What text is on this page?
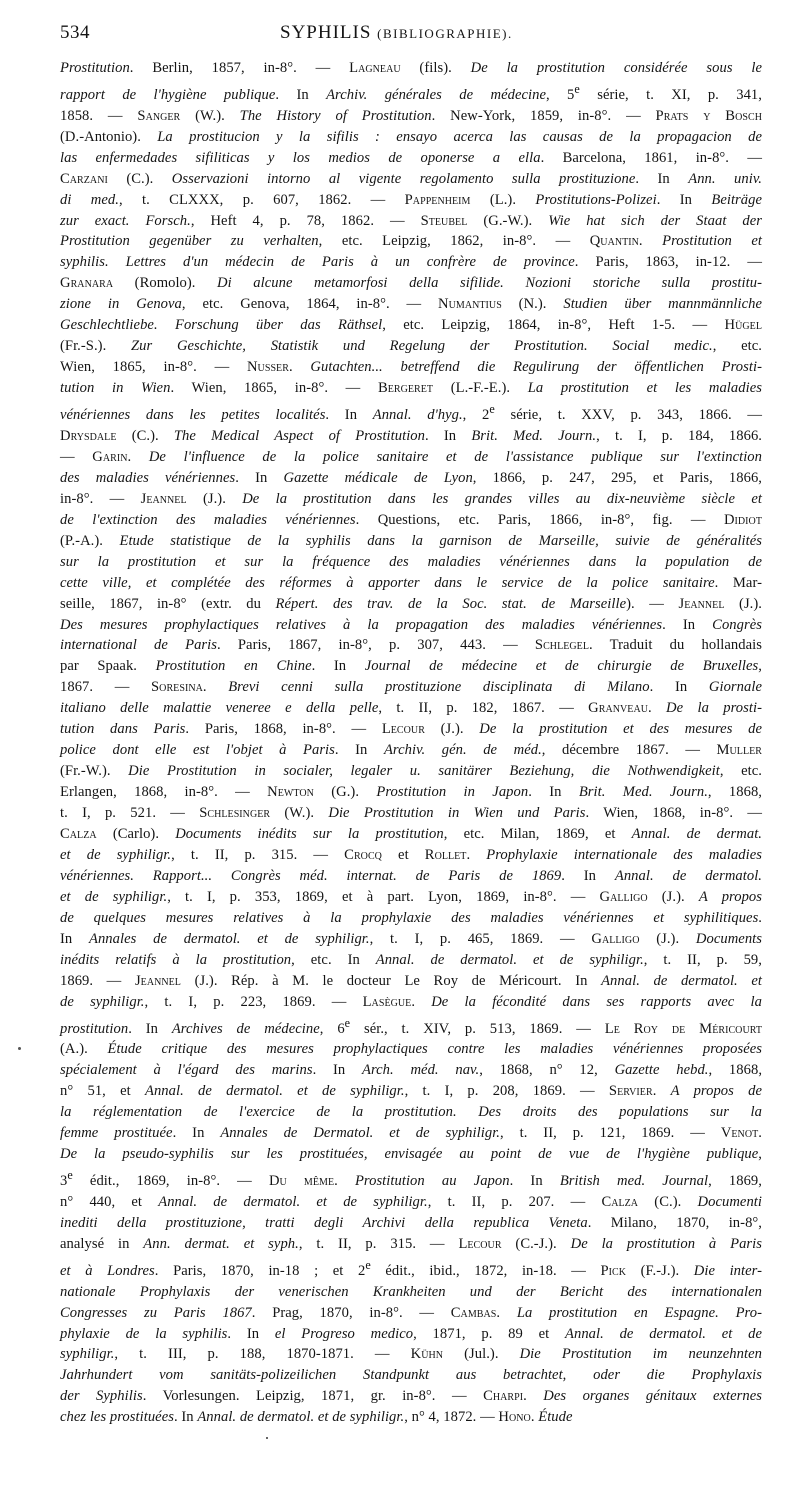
534	SYPHILIS (BIBLIOGRAPHIE).
Prostitution. Berlin, 1857, in-8°. — Lagneau (fils). De la prostitution considérée sous le
rapport de l'hygiène publique. In Archiv. générales de médecine, 5e série, t. XI, p. 341,
1858. — Sanger (W.). The History of Prostitution. New-York, 1859, in-8°. — Prats y Bosch
(D.-Antonio). La prostitucion y la sifilis : ensayo acerca las causas de la propagacion de
las enfermedades sifiliticas y los medios de oponerse a ella. Barcelona, 1861, in-8°. —
Carzani (C.). Osservazioni intorno al vigente regolamento sulla prostituzione. In Ann. univ.
di med., t. CLXXX, p. 607, 1862. — Pappenheim (L.). Prostitutions-Polizei. In Beiträge
zur exact. Forsch., Heft 4, p. 78, 1862. — Steubel (G.-W.). Wie hat sich der Staat der
Prostitution gegenüber zu verhalten, etc. Leipzig, 1862, in-8°. — Quantin. Prostitution et
syphilis. Lettres d'un médecin de Paris à un confrère de province. Paris, 1863, in-12. —
Granara (Romolo). Di alcune metamorfosi della sifilide. Nozioni storiche sulla prostitu-
zione in Genova, etc. Genova, 1864, in-8°. — Numantius (N.). Studien über mannmännliche
Geschlechtliebe. Forschung über das Räthsel, etc. Leipzig, 1864, in-8°, Heft 1-5. — Hügel
(Fr.-S.). Zur Geschichte, Statistik und Regelung der Prostitution. Social medic., etc.
Wien, 1865, in-8°. — Nusser. Gutachten... betreffend die Regulirung der öffentlichen Prosti-
tution in Wien. Wien, 1865, in-8°. — Bergeret (L.-F.-E.). La prostitution et les maladies
vénériennes dans les petites localités. In Annal. d'hyg., 2e série, t. XXV, p. 343, 1866. —
Drysdale (C.). The Medical Aspect of Prostitution. In Brit. Med. Journ., t. I, p. 184, 1866.
— Garin. De l'influence de la police sanitaire et de l'assistance publique sur l'extinction
des maladies vénériennes. In Gazette médicale de Lyon, 1866, p. 247, 295, et Paris, 1866,
in-8°. — Jeannel (J.). De la prostitution dans les grandes villes au dix-neuvième siècle et
de l'extinction des maladies vénériennes. Questions, etc. Paris, 1866, in-8°, fig. — Didiot
(P.-A.). Etude statistique de la syphilis dans la garnison de Marseille, suivie de généralités
sur la prostitution et sur la fréquence des maladies vénériennes dans la population de
cette ville, et complétée des réformes à apporter dans le service de la police sanitaire. Mar-
seille, 1867, in-8° (extr. du Répert. des trav. de la Soc. stat. de Marseille). — Jeannel (J.).
Des mesures prophylactiques relatives à la propagation des maladies vénériennes. In Congrès
international de Paris. Paris, 1867, in-8°, p. 307, 443. — Schlegel. Traduit du hollandais
par Spaak. Prostitution en Chine. In Journal de médecine et de chirurgie de Bruxelles,
1867. — Soresina. Brevi cenni sulla prostituzione disciplinata di Milano. In Giornale
italiano delle malattie veneree e della pelle, t. II, p. 182, 1867. — Granveau. De la prosti-
tution dans Paris. Paris, 1868, in-8°. — Lecour (J.). De la prostitution et des mesures de
police dont elle est l'objet à Paris. In Archiv. gén. de méd., décembre 1867. — Muller
(Fr.-W.). Die Prostitution in socialer, legaler u. sanitärer Beziehung, die Nothwendigkeit, etc.
Erlangen, 1868, in-8°. — Newton (G.). Prostitution in Japon. In Brit. Med. Journ., 1868,
t. I, p. 521. — Schlesinger (W.). Die Prostitution in Wien und Paris. Wien, 1868, in-8°. —
Calza (Carlo). Documents inédits sur la prostitution, etc. Milan, 1869, et Annal. de dermat.
et de syphiligr., t. II, p. 315. — Crocq et Rollet. Prophylaxie internationale des maladies
vénériennes. Rapport... Congrès méd. internat. de Paris de 1869. In Annal. de dermatol.
et de syphiligr., t. I, p. 353, 1869, et à part. Lyon, 1869, in-8°. — Galligo (J.). A propos
de quelques mesures relatives à la prophylaxie des maladies vénériennes et syphilitiques.
In Annales de dermatol. et de syphiligr., t. I, p. 465, 1869. — Galligo (J.). Documents
inédits relatifs à la prostitution, etc. In Annal. de dermatol. et de syphiligr., t. II, p. 59,
1869. — Jeannel (J.). Rép. à M. le docteur Le Roy de Méricourt. In Annal. de dermatol. et
de syphiligr., t. I, p. 223, 1869. — Lasègue. De la fécondité dans ses rapports avec la
prostitution. In Archives de médecine, 6e sér., t. XIV, p. 513, 1869. — Le Roy de Méricourt
(A.). Étude critique des mesures prophylactiques contre les maladies vénériennes proposées
spécialement à l'égard des marins. In Arch. méd. nav., 1868, n° 12, Gazette hebd., 1868,
n° 51, et Annal. de dermatol. et de syphiligr., t. I, p. 208, 1869. — Servier. A propos de
la réglementation de l'exercice de la prostitution. Des droits des populations sur la
femme prostituée. In Annales de Dermatol. et de syphiligr., t. II, p. 121, 1869. — Venot.
De la pseudo-syphilis sur les prostituées, envisagée au point de vue de l'hygiène publique,
3e édit., 1869, in-8°. — Du même. Prostitution au Japon. In British med. Journal, 1869,
n° 440, et Annal. de dermatol. et de syphiligr., t. II, p. 207. — Calza (C.). Documenti
inediti della prostituzione, tratti degli Archivi della republica Veneta. Milano, 1870, in-8°,
analysé in Ann. dermat. et syph., t. II, p. 315. — Lecour (C.-J.). De la prostitution à Paris
et à Londres. Paris, 1870, in-18 ; et 2e édit., ibid., 1872, in-18. — Pick (F.-J.). Die inter-
nationale Prophylaxis der venerischen Krankheiten und der Bericht des internationalen
Congresses zu Paris 1867. Prag, 1870, in-8°. — Cambas. La prostitution en Espagne. Pro-
phylaxie de la syphilis. In el Progreso medico, 1871, p. 89 et Annal. de dermatol. et de
syphiligr., t. III, p. 188, 1870-1871. — Kühn (Jul.). Die Prostitution im neunzehnten
Jahrhundert vom sanitäts-polizeilichen Standpunkt aus betrachtet, oder die Prophylaxis
der Syphilis. Vorlesungen. Leipzig, 1871, gr. in-8°. — Charpi. Des organes génitaux externes
chez les prostituées. In Annal. de dermatol. et de syphiligr., n° 4, 1872. — Hono. Étude
